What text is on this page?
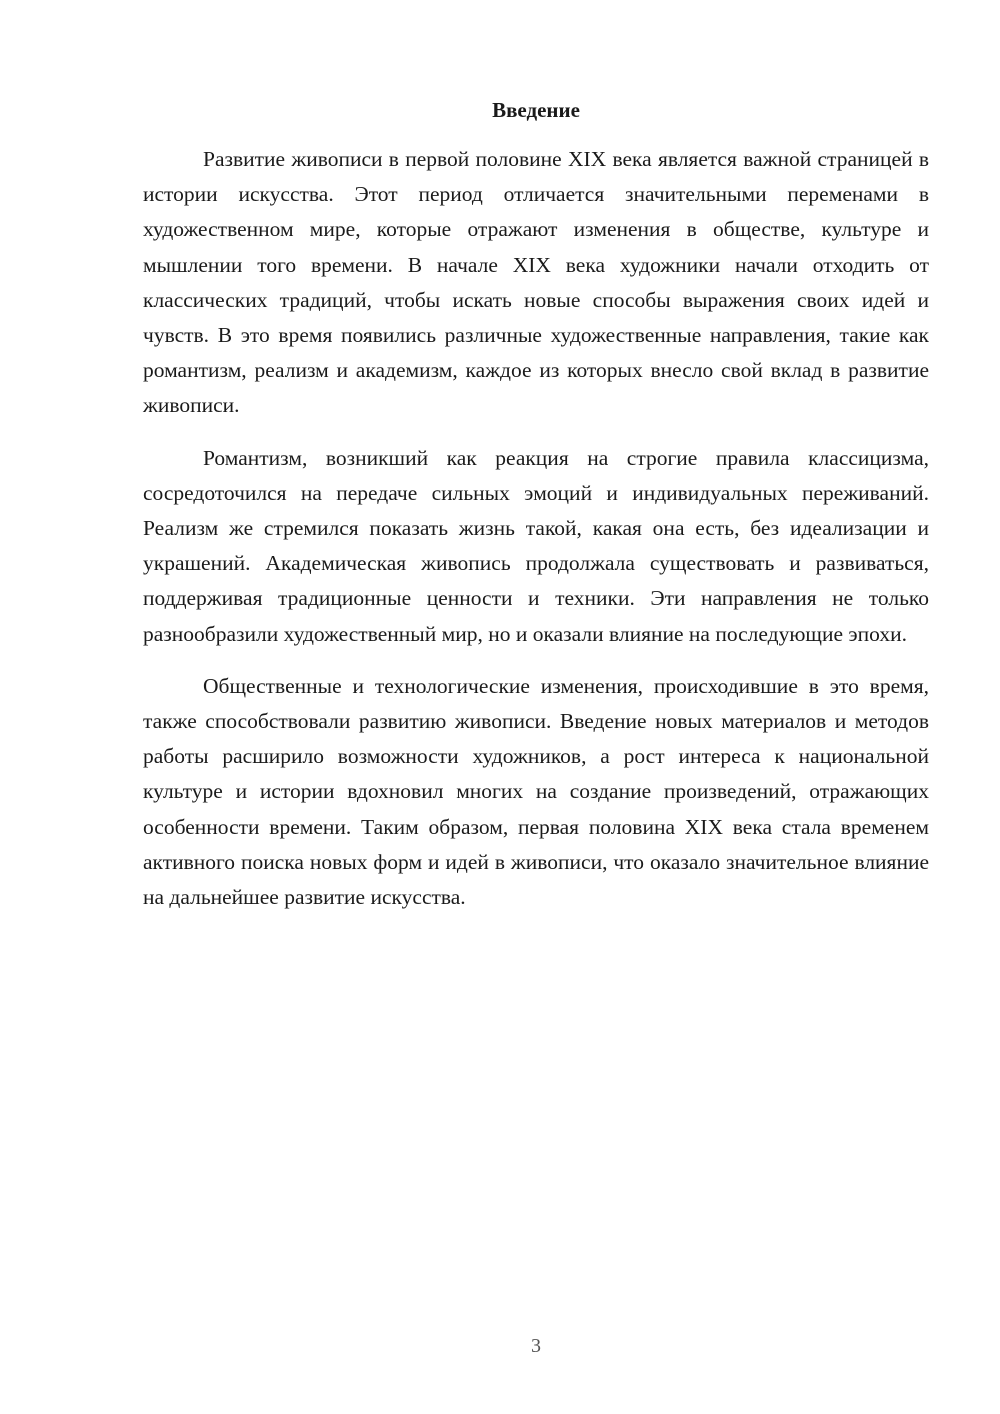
Введение

Развитие живописи в первой половине XIX века является важной страницей в истории искусства. Этот период отличается значительными переменами в художественном мире, которые отражают изменения в обществе, культуре и мышлении того времени. В начале XIX века художники начали отходить от классических традиций, чтобы искать новые способы выражения своих идей и чувств. В это время появились различные художественные направления, такие как романтизм, реализм и академизм, каждое из которых внесло свой вклад в развитие живописи.

Романтизм, возникший как реакция на строгие правила классицизма, сосредоточился на передаче сильных эмоций и индивидуальных переживаний. Реализм же стремился показать жизнь такой, какая она есть, без идеализации и украшений. Академическая живопись продолжала существовать и развиваться, поддерживая традиционные ценности и техники. Эти направления не только разнообразили художественный мир, но и оказали влияние на последующие эпохи.

Общественные и технологические изменения, происходившие в это время, также способствовали развитию живописи. Введение новых материалов и методов работы расширило возможности художников, а рост интереса к национальной культуре и истории вдохновил многих на создание произведений, отражающих особенности времени. Таким образом, первая половина XIX века стала временем активного поиска новых форм и идей в живописи, что оказало значительное влияние на дальнейшее развитие искусства.

3
